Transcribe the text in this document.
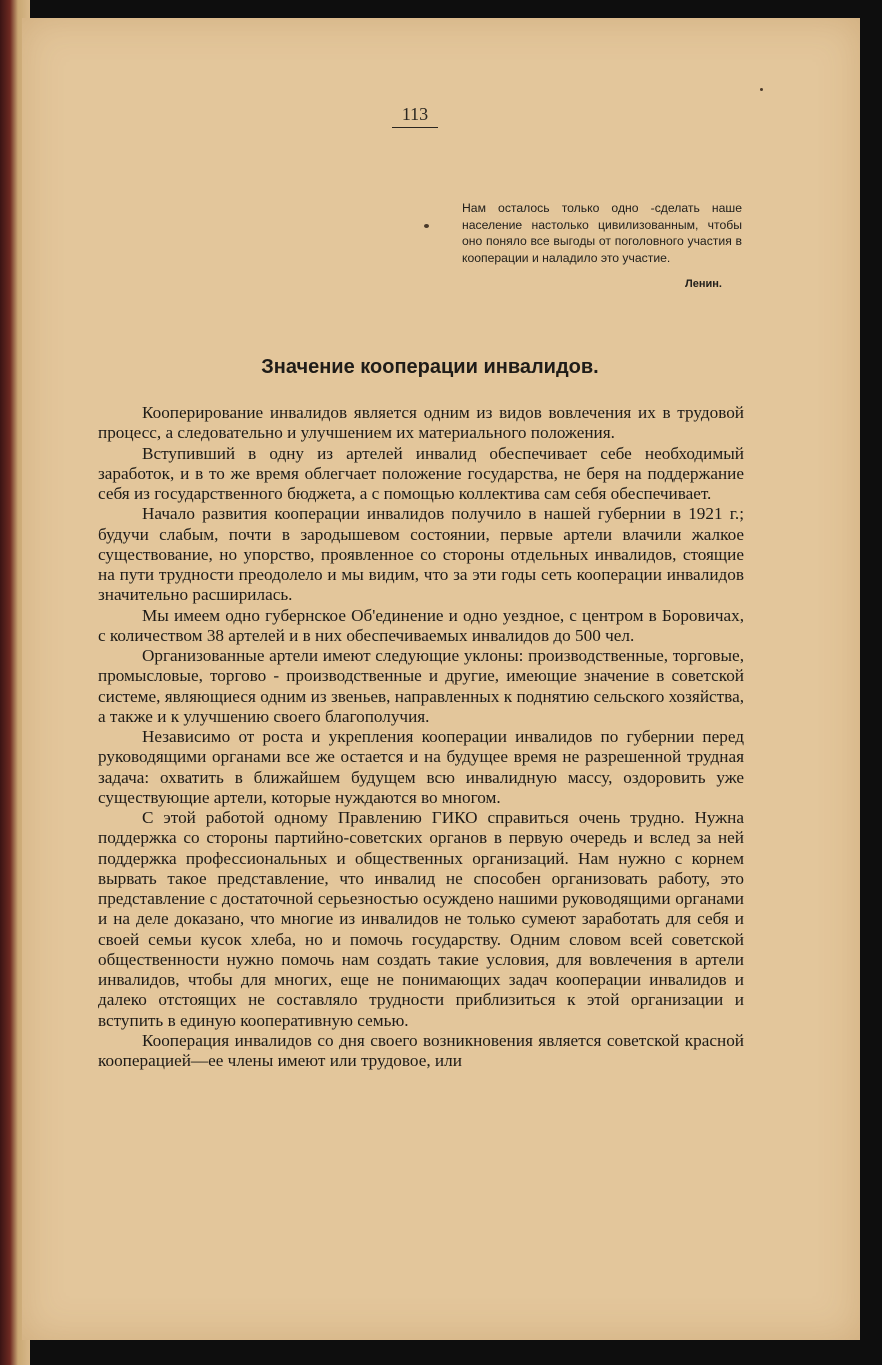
113
Нам осталось только одно -сделать наше население настолько цивилизованным, чтобы оно поняло все выгоды от поголовного участия в кооперации и наладило это участие.
Ленин.
Значение кооперации инвалидов.

Кооперирование инвалидов является одним из видов вовлечения их в трудовой процесс, а следовательно и улучшением их материального положения.

Вступивший в одну из артелей инвалид обеспечивает себе необходимый заработок, и в то же время облегчает положение государства, не беря на поддержание себя из государственного бюджета, а с помощью коллектива сам себя обеспечивает.

Начало развития кооперации инвалидов получило в нашей губернии в 1921 г.; будучи слабым, почти в зародышевом состоянии, первые артели влачили жалкое существование, но упорство, проявленное со стороны отдельных инвалидов, стоящие на пути трудности преодолело и мы видим, что за эти годы сеть кооперации инвалидов значительно расширилась.

Мы имеем одно губернское Об'единение и одно уездное, с центром в Боровичах, с количеством 38 артелей и в них обеспечиваемых инвалидов до 500 чел.

Организованные артели имеют следующие уклоны: производственные, торговые, промысловые, торгово - производственные и другие, имеющие значение в советской системе, являющиеся одним из звеньев, направленных к поднятию сельского хозяйства, а также и к улучшению своего благополучия.

Независимо от роста и укрепления кооперации инвалидов по губернии перед руководящими органами все же остается и на будущее время не разрешенной трудная задача: охватить в ближайшем будущем всю инвалидную массу, оздоровить уже существующие артели, которые нуждаются во многом.

С этой работой одному Правлению ГИКО справиться очень трудно. Нужна поддержка со стороны партийно-советских органов в первую очередь и вслед за ней поддержка профессиональных и общественных организаций. Нам нужно с корнем вырвать такое представление, что инвалид не способен организовать работу, это представление с достаточной серьезностью осуждено нашими руководящими органами и на деле доказано, что многие из инвалидов не только сумеют заработать для себя и своей семьи кусок хлеба, но и помочь государству. Одним словом всей советской общественности нужно помочь нам создать такие условия, для вовлечения в артели инвалидов, чтобы для многих, еще не понимающих задач кооперации инвалидов и далеко отстоящих не составляло трудности приблизиться к этой организации и вступить в единую кооперативную семью.

Кооперация инвалидов со дня своего возникновения является советской красной кооперацией—ее члены имеют или трудовое, или
